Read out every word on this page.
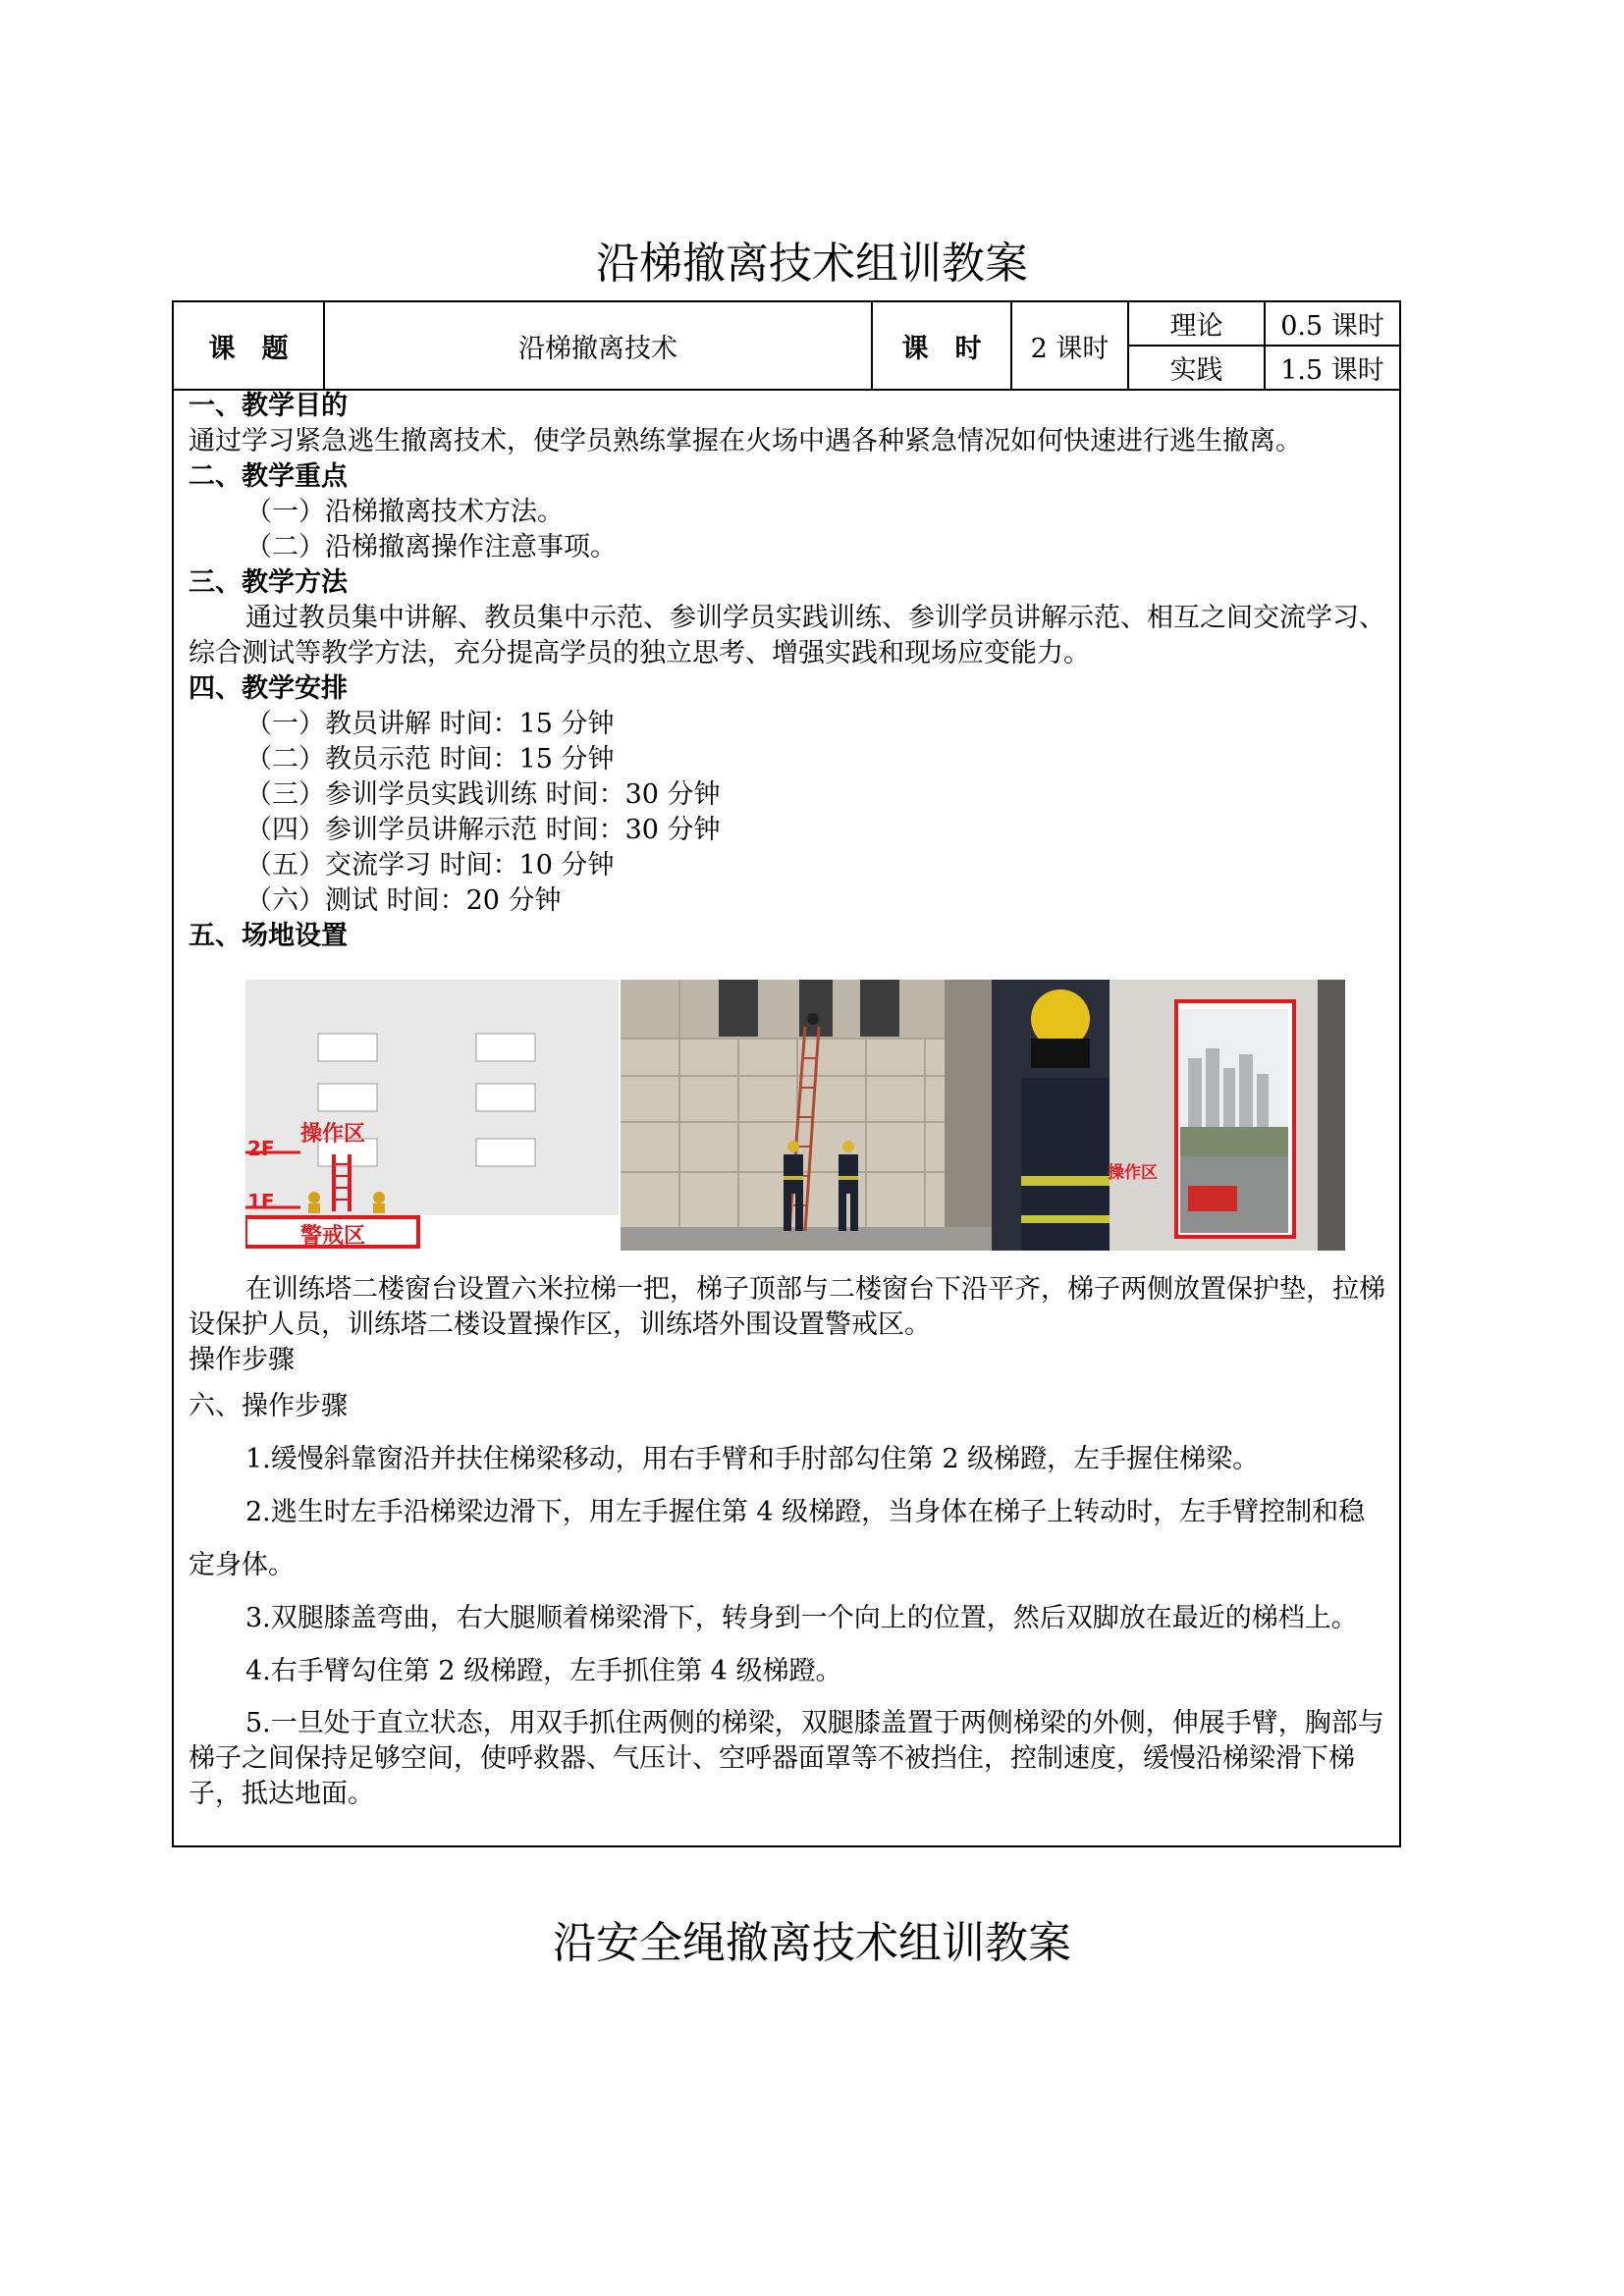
沿梯撤离技术组训教案
课　题	沿梯撤离技术	课　时	2 课时
理论	0.5 课时
实践	1.5 课时
一、教学目的

通过学习紧急逃生撤离技术，使学员熟练掌握在火场中遇各种紧急情况如何快速进行逃生撤离。

二、教学重点

（一）沿梯撤离技术方法。

（二）沿梯撤离操作注意事项。

三、教学方法

通过教员集中讲解、教员集中示范、参训学员实践训练、参训学员讲解示范、相互之间交流学习、综合测试等教学方法，充分提高学员的独立思考、增强实践和现场应变能力。

四、教学安排

（一）教员讲解 时间：15 分钟

（二）教员示范 时间：15 分钟

（三）参训学员实践训练 时间：30 分钟

（四）参训学员讲解示范 时间：30 分钟

（五）交流学习 时间：10 分钟

（六）测试 时间：20 分钟

五、场地设置
操作区
2F
1F
警戒区
操作区

在训练塔二楼窗台设置六米拉梯一把，梯子顶部与二楼窗台下沿平齐，梯子两侧放置保护垫，拉梯设保护人员，训练塔二楼设置操作区，训练塔外围设置警戒区。

操作步骤

六、操作步骤

1.缓慢斜靠窗沿并扶住梯梁移动，用右手臂和手肘部勾住第 2 级梯蹬，左手握住梯梁。

2.逃生时左手沿梯梁边滑下，用左手握住第 4 级梯蹬，当身体在梯子上转动时，左手臂控制和稳定身体。

3.双腿膝盖弯曲，右大腿顺着梯梁滑下，转身到一个向上的位置，然后双脚放在最近的梯档上。

4.右手臂勾住第 2 级梯蹬，左手抓住第 4 级梯蹬。

5.一旦处于直立状态，用双手抓住两侧的梯梁，双腿膝盖置于两侧梯梁的外侧，伸展手臂，胸部与梯子之间保持足够空间，使呼救器、气压计、空呼器面罩等不被挡住，控制速度，缓慢沿梯梁滑下梯子，抵达地面。

沿安全绳撤离技术组训教案
